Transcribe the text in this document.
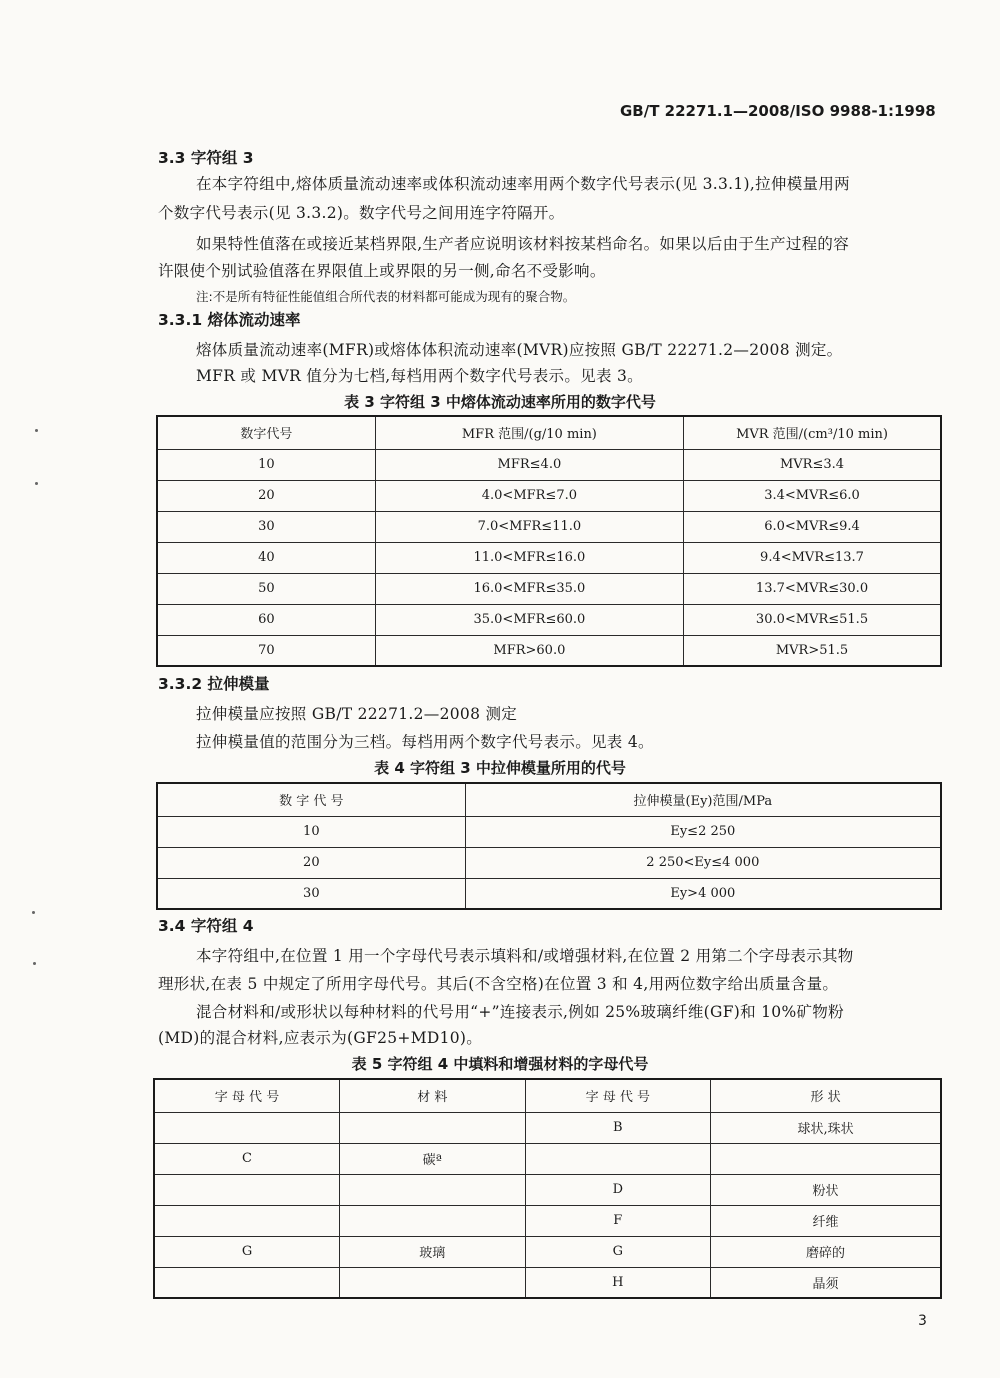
GB/T 22271.1—2008/ISO 9988-1:1998
3.3 字符组 3
在本字符组中,熔体质量流动速率或体积流动速率用两个数字代号表示(见 3.3.1),拉伸模量用两
个数字代号表示(见 3.3.2)。数字代号之间用连字符隔开。
如果特性值落在或接近某档界限,生产者应说明该材料按某档命名。如果以后由于生产过程的容
许限使个别试验值落在界限值上或界限的另一侧,命名不受影响。
注:不是所有特征性能值组合所代表的材料都可能成为现有的聚合物。
3.3.1 熔体流动速率
熔体质量流动速率(MFR)或熔体体积流动速率(MVR)应按照 GB/T 22271.2—2008 测定。
MFR 或 MVR 值分为七档,每档用两个数字代号表示。见表 3。
表 3 字符组 3 中熔体流动速率所用的数字代号
数字代号	MFR 范围/(g/10 min)	MVR 范围/(cm³/10 min)
10	MFR≤4.0	MVR≤3.4
20	4.0<MFR≤7.0	3.4<MVR≤6.0
30	7.0<MFR≤11.0	6.0<MVR≤9.4
40	11.0<MFR≤16.0	9.4<MVR≤13.7
50	16.0<MFR≤35.0	13.7<MVR≤30.0
60	35.0<MFR≤60.0	30.0<MVR≤51.5
70	MFR>60.0	MVR>51.5
3.3.2 拉伸模量
拉伸模量应按照 GB/T 22271.2—2008 测定
拉伸模量值的范围分为三档。每档用两个数字代号表示。见表 4。
表 4 字符组 3 中拉伸模量所用的代号
数 字 代 号	拉伸模量(Ey)范围/MPa
10	Ey≤2 250
20	2 250<Ey≤4 000
30	Ey>4 000
3.4 字符组 4
本字符组中,在位置 1 用一个字母代号表示填料和/或增强材料,在位置 2 用第二个字母表示其物
理形状,在表 5 中规定了所用字母代号。其后(不含空格)在位置 3 和 4,用两位数字给出质量含量。
混合材料和/或形状以每种材料的代号用“+”连接表示,例如 25%玻璃纤维(GF)和 10%矿物粉
(MD)的混合材料,应表示为(GF25+MD10)。
表 5 字符组 4 中填料和增强材料的字母代号
字 母 代 号	材 料	字 母 代 号	形 状
		B	球状,珠状
C	碳ª		
		D	粉状
		F	纤维
G	玻璃	G	磨碎的
		H	晶须
3
